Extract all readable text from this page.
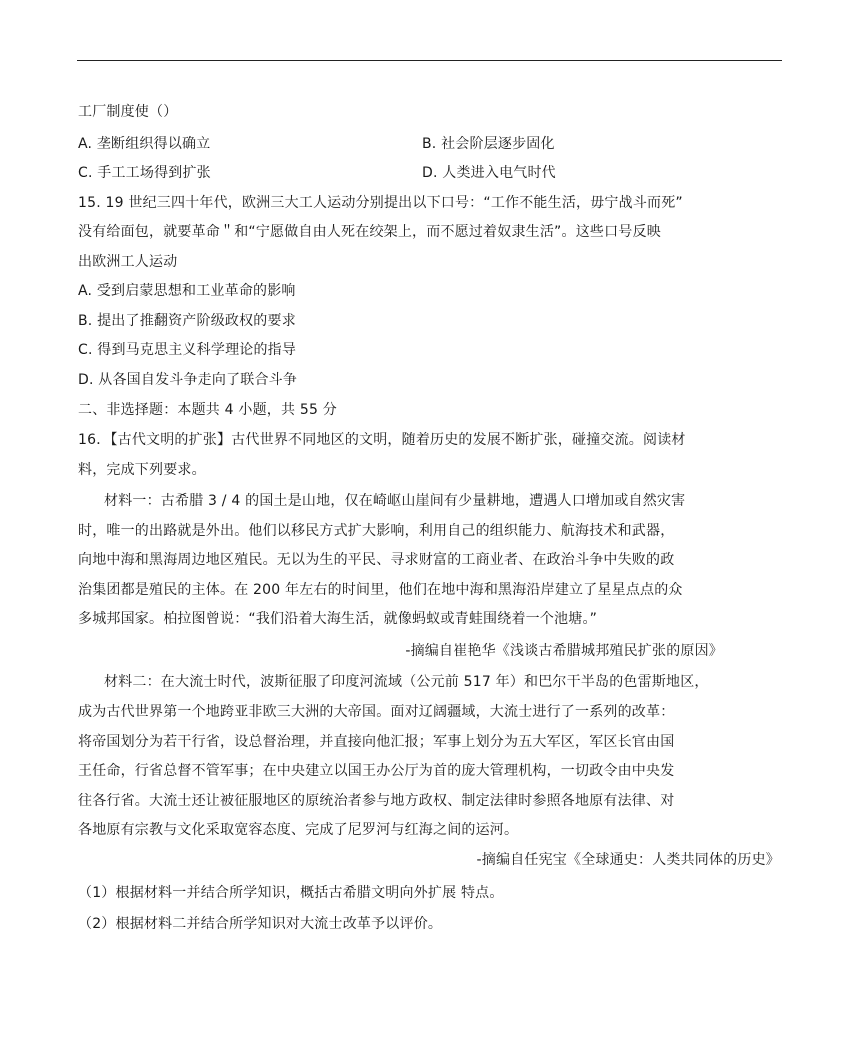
工厂制度使（）
A. 垄断组织得以确立	B. 社会阶层逐步固化
C. 手工工场得到扩张	D. 人类进入电气时代
15. 19 世纪三四十年代，欧洲三大工人运动分别提出以下口号：“工作不能生活，毋宁战斗而死”
没有给面包，就要革命＂和“宁愿做自由人死在绞架上，而不愿过着奴隶生活”。这些口号反映
出欧洲工人运动
A. 受到启蒙思想和工业革命的影响
B. 提出了推翻资产阶级政权的要求
C. 得到马克思主义科学理论的指导
D. 从各国自发斗争走向了联合斗争
二、非选择题：本题共 4 小题，共 55 分
16．【古代文明的扩张】古代世界不同地区的文明，随着历史的发展不断扩张，碰撞交流。阅读材
料，完成下列要求。
材料一：古希腊 3 / 4 的国土是山地，仅在崎岖山崖间有少量耕地，遭遇人口增加或自然灾害
时，唯一的出路就是外出。他们以移民方式扩大影响，利用自己的组织能力、航海技术和武器，
向地中海和黑海周边地区殖民。无以为生的平民、寻求财富的工商业者、在政治斗争中失败的政
治集团都是殖民的主体。在 200 年左右的时间里，他们在地中海和黑海沿岸建立了星星点点的众
多城邦国家。柏拉图曾说：“我们沿着大海生活，就像蚂蚁或青蛙围绕着一个池塘。”
-摘编自崔艳华《浅谈古希腊城邦殖民扩张的原因》
材料二：在大流士时代，波斯征服了印度河流域（公元前 517 年）和巴尔干半岛的色雷斯地区，
成为古代世界第一个地跨亚非欧三大洲的大帝国。面对辽阔疆域，大流士进行了一系列的改革：
将帝国划分为若干行省，设总督治理，并直接向他汇报；军事上划分为五大军区，军区长官由国
王任命，行省总督不管军事；在中央建立以国王办公厅为首的庞大管理机构，一切政令由中央发
往各行省。大流士还让被征服地区的原统治者参与地方政权、制定法律时参照各地原有法律、对
各地原有宗教与文化采取宽容态度、完成了尼罗河与红海之间的运河。
-摘编自任宪宝《全球通史：人类共同体的历史》
（1）根据材料一并结合所学知识，概括古希腊文明向外扩展 特点。
（2）根据材料二并结合所学知识对大流士改革予以评价。
